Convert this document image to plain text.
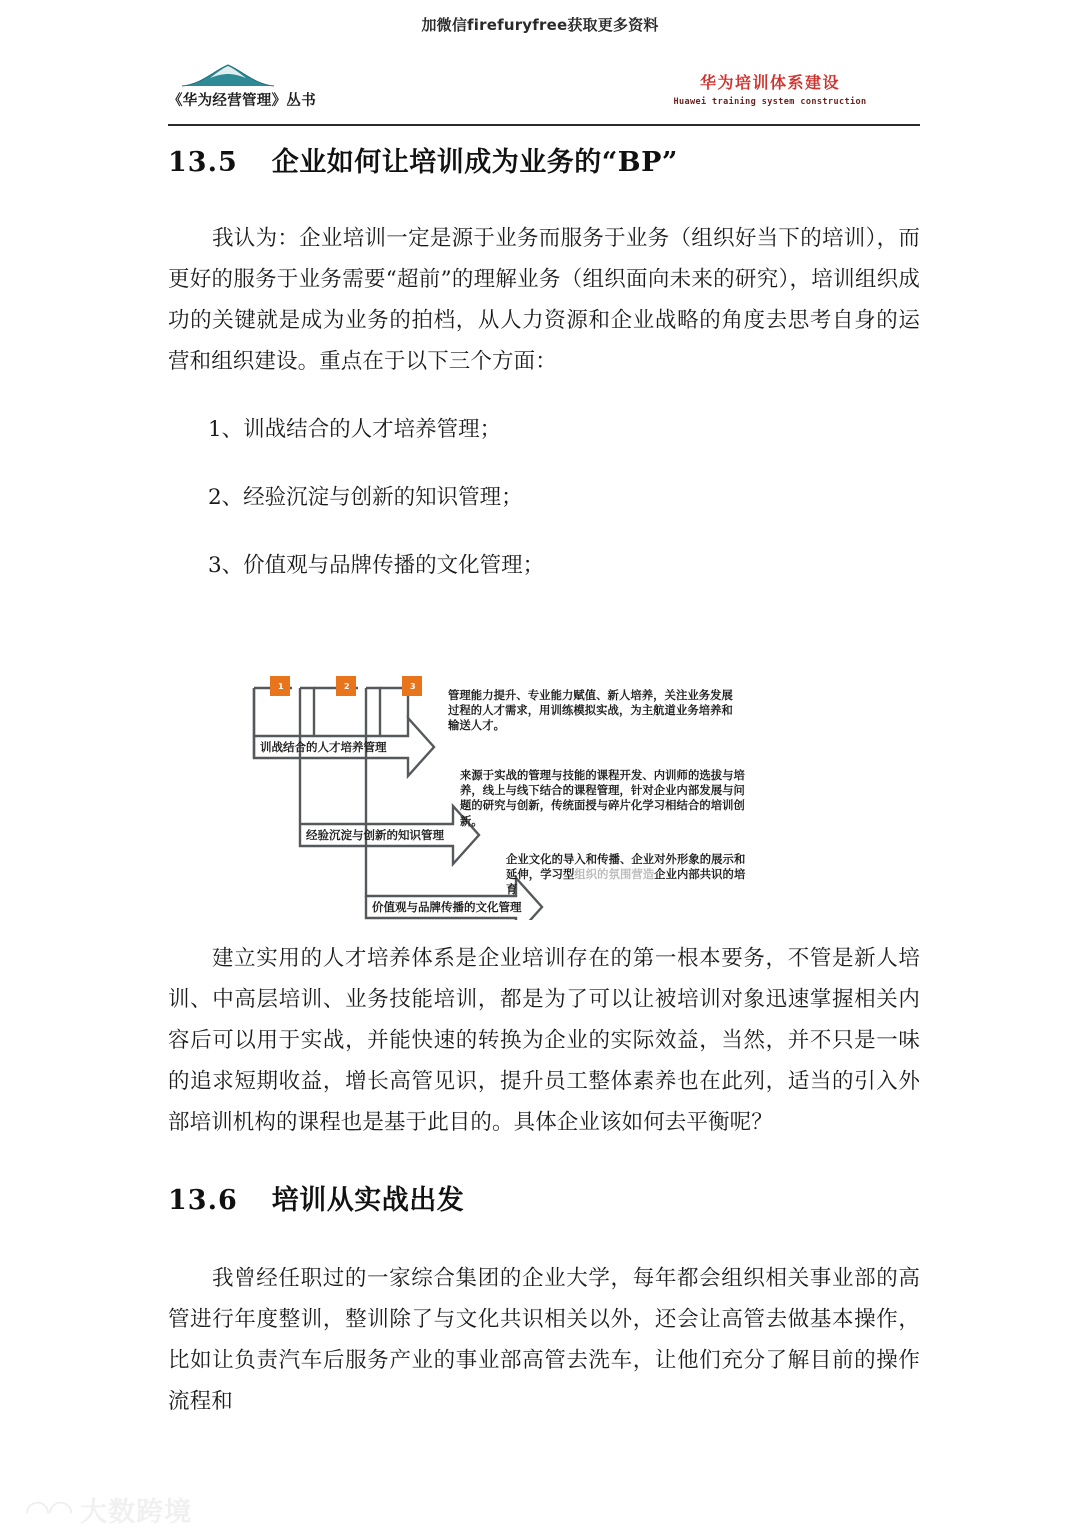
加微信firefuryfree获取更多资料
《华为经营管理》丛书
华为培训体系建设
Huawei training system construction
13.5 企业如何让培训成为业务的“BP”
我认为：企业培训一定是源于业务而服务于业务（组织好当下的培训），而更好的服务于业务需要“超前”的理解业务（组织面向未来的研究），培训组织成功的关键就是成为业务的拍档，从人力资源和企业战略的角度去思考自身的运营和组织建设。重点在于以下三个方面：
1、训战结合的人才培养管理；
2、经验沉淀与创新的知识管理；
3、价值观与品牌传播的文化管理；
训战结合的人才培养管理
经验沉淀与创新的知识管理
价值观与品牌传播的文化管理
1	2	3
管理能力提升、专业能力赋值、新人培养，关注业务发展过程的人才需求，用训练模拟实战，为主航道业务培养和输送人才。
来源于实战的管理与技能的课程开发、内训师的选拔与培养，线上与线下结合的课程管理，针对企业内部发展与问题的研究与创新，传统面授与碎片化学习相结合的培训创新。
企业文化的导入和传播、企业对外形象的展示和延伸，学习型组织的氛围营造企业内部共识的培育
建立实用的人才培养体系是企业培训存在的第一根本要务，不管是新人培训、中高层培训、业务技能培训，都是为了可以让被培训对象迅速掌握相关内容后可以用于实战，并能快速的转换为企业的实际效益，当然，并不只是一味的追求短期收益，增长高管见识，提升员工整体素养也在此列，适当的引入外部培训机构的课程也是基于此目的。具体企业该如何去平衡呢？
13.6 培训从实战出发
我曾经任职过的一家综合集团的企业大学，每年都会组织相关事业部的高管进行年度整训，整训除了与文化共识相关以外，还会让高管去做基本操作，比如让负责汽车后服务产业的事业部高管去洗车，让他们充分了解目前的操作流程和
◠◠ 大数跨境
